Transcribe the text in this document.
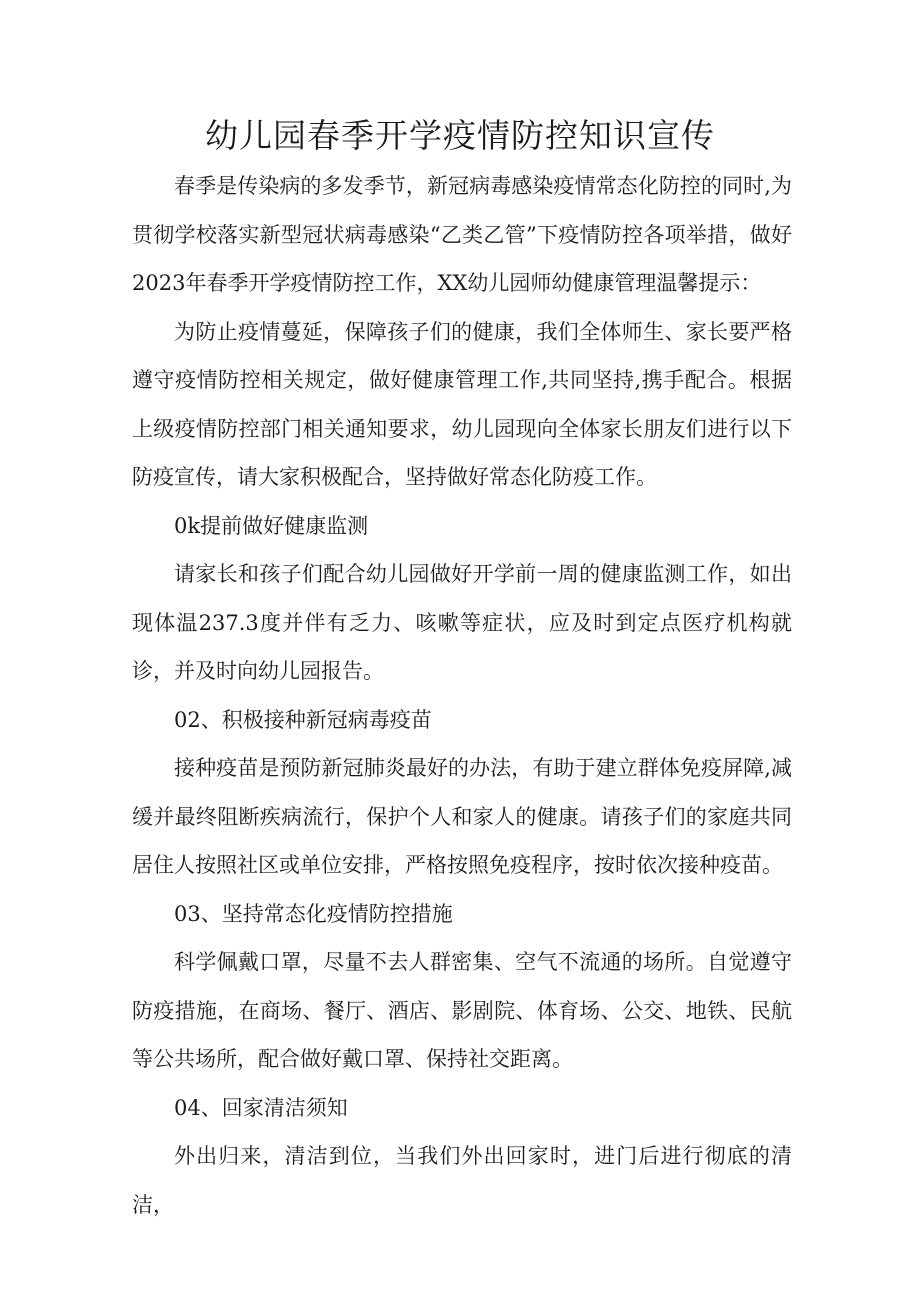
幼儿园春季开学疫情防控知识宣传

春季是传染病的多发季节，新冠病毒感染疫情常态化防控的同时,为贯彻学校落实新型冠状病毒感染“乙类乙管”下疫情防控各项举措，做好2023年春季开学疫情防控工作，XX幼儿园师幼健康管理温馨提示：

为防止疫情蔓延，保障孩子们的健康，我们全体师生、家长要严格遵守疫情防控相关规定，做好健康管理工作,共同坚持,携手配合。根据上级疫情防控部门相关通知要求，幼儿园现向全体家长朋友们进行以下防疫宣传，请大家积极配合，坚持做好常态化防疫工作。

0k提前做好健康监测

请家长和孩子们配合幼儿园做好开学前一周的健康监测工作，如出现体温237.3度并伴有乏力、咳嗽等症状，应及时到定点医疗机构就诊，并及时向幼儿园报告。

02、积极接种新冠病毒疫苗

接种疫苗是预防新冠肺炎最好的办法，有助于建立群体免疫屏障,减缓并最终阻断疾病流行，保护个人和家人的健康。请孩子们的家庭共同居住人按照社区或单位安排，严格按照免疫程序，按时依次接种疫苗。

03、坚持常态化疫情防控措施

科学佩戴口罩，尽量不去人群密集、空气不流通的场所。自觉遵守防疫措施，在商场、餐厅、酒店、影剧院、体育场、公交、地铁、民航等公共场所，配合做好戴口罩、保持社交距离。

04、回家清洁须知

外出归来，清洁到位，当我们外出回家时，进门后进行彻底的清洁，
